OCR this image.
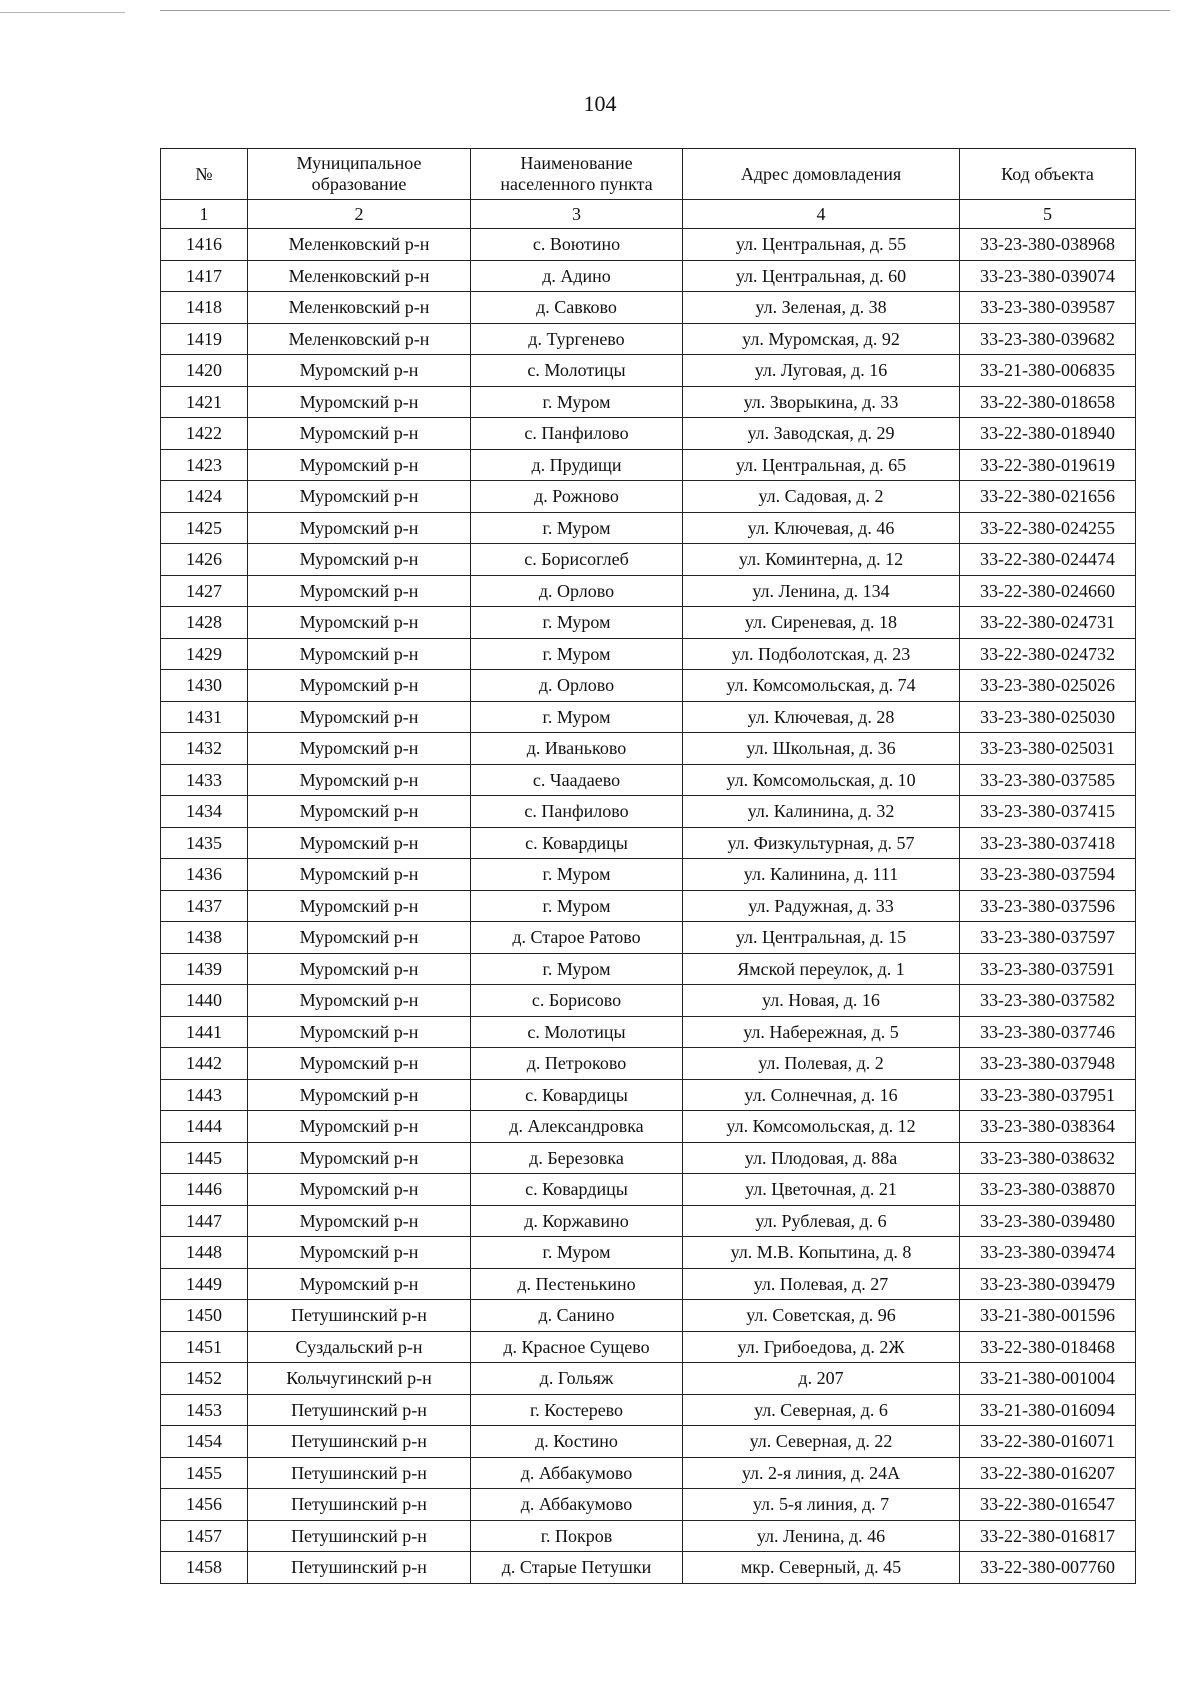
104
№	Муниципальное образование	Наименование населенного пункта	Адрес домовладения	Код объекта
1	2	3	4	5
1416	Меленковский р-н	с. Воютино	ул. Центральная, д. 55	33-23-380-038968
1417	Меленковский р-н	д. Адино	ул. Центральная, д. 60	33-23-380-039074
1418	Меленковский р-н	д. Савково	ул. Зеленая, д. 38	33-23-380-039587
1419	Меленковский р-н	д. Тургенево	ул. Муромская, д. 92	33-23-380-039682
1420	Муромский р-н	с. Молотицы	ул. Луговая, д. 16	33-21-380-006835
1421	Муромский р-н	г. Муром	ул. Зворыкина, д. 33	33-22-380-018658
1422	Муромский р-н	с. Панфилово	ул. Заводская, д. 29	33-22-380-018940
1423	Муромский р-н	д. Прудищи	ул. Центральная, д. 65	33-22-380-019619
1424	Муромский р-н	д. Рожново	ул. Садовая, д. 2	33-22-380-021656
1425	Муромский р-н	г. Муром	ул. Ключевая, д. 46	33-22-380-024255
1426	Муромский р-н	с. Борисоглеб	ул. Коминтерна, д. 12	33-22-380-024474
1427	Муромский р-н	д. Орлово	ул. Ленина, д. 134	33-22-380-024660
1428	Муромский р-н	г. Муром	ул. Сиреневая, д. 18	33-22-380-024731
1429	Муромский р-н	г. Муром	ул. Подболотская, д. 23	33-22-380-024732
1430	Муромский р-н	д. Орлово	ул. Комсомольская, д. 74	33-23-380-025026
1431	Муромский р-н	г. Муром	ул. Ключевая, д. 28	33-23-380-025030
1432	Муромский р-н	д. Иваньково	ул. Школьная, д. 36	33-23-380-025031
1433	Муромский р-н	с. Чаадаево	ул. Комсомольская, д. 10	33-23-380-037585
1434	Муромский р-н	с. Панфилово	ул. Калинина, д. 32	33-23-380-037415
1435	Муромский р-н	с. Ковардицы	ул. Физкультурная, д. 57	33-23-380-037418
1436	Муромский р-н	г. Муром	ул. Калинина, д. 111	33-23-380-037594
1437	Муромский р-н	г. Муром	ул. Радужная, д. 33	33-23-380-037596
1438	Муромский р-н	д. Старое Ратово	ул. Центральная, д. 15	33-23-380-037597
1439	Муромский р-н	г. Муром	Ямской переулок, д. 1	33-23-380-037591
1440	Муромский р-н	с. Борисово	ул. Новая, д. 16	33-23-380-037582
1441	Муромский р-н	с. Молотицы	ул. Набережная, д. 5	33-23-380-037746
1442	Муромский р-н	д. Петроково	ул. Полевая, д. 2	33-23-380-037948
1443	Муромский р-н	с. Ковардицы	ул. Солнечная, д. 16	33-23-380-037951
1444	Муромский р-н	д. Александровка	ул. Комсомольская, д. 12	33-23-380-038364
1445	Муромский р-н	д. Березовка	ул. Плодовая, д. 88а	33-23-380-038632
1446	Муромский р-н	с. Ковардицы	ул. Цветочная, д. 21	33-23-380-038870
1447	Муромский р-н	д. Коржавино	ул. Рублевая, д. 6	33-23-380-039480
1448	Муромский р-н	г. Муром	ул. М.В. Копытина, д. 8	33-23-380-039474
1449	Муромский р-н	д. Пестенькино	ул. Полевая, д. 27	33-23-380-039479
1450	Петушинский р-н	д. Санино	ул. Советская, д. 96	33-21-380-001596
1451	Суздальский р-н	д. Красное Сущево	ул. Грибоедова, д. 2Ж	33-22-380-018468
1452	Кольчугинский р-н	д. Гольяж	д. 207	33-21-380-001004
1453	Петушинский р-н	г. Костерево	ул. Северная, д. 6	33-21-380-016094
1454	Петушинский р-н	д. Костино	ул. Северная, д. 22	33-22-380-016071
1455	Петушинский р-н	д. Аббакумово	ул. 2-я линия, д. 24А	33-22-380-016207
1456	Петушинский р-н	д. Аббакумово	ул. 5-я линия, д. 7	33-22-380-016547
1457	Петушинский р-н	г. Покров	ул. Ленина, д. 46	33-22-380-016817
1458	Петушинский р-н	д. Старые Петушки	мкр. Северный, д. 45	33-22-380-007760
